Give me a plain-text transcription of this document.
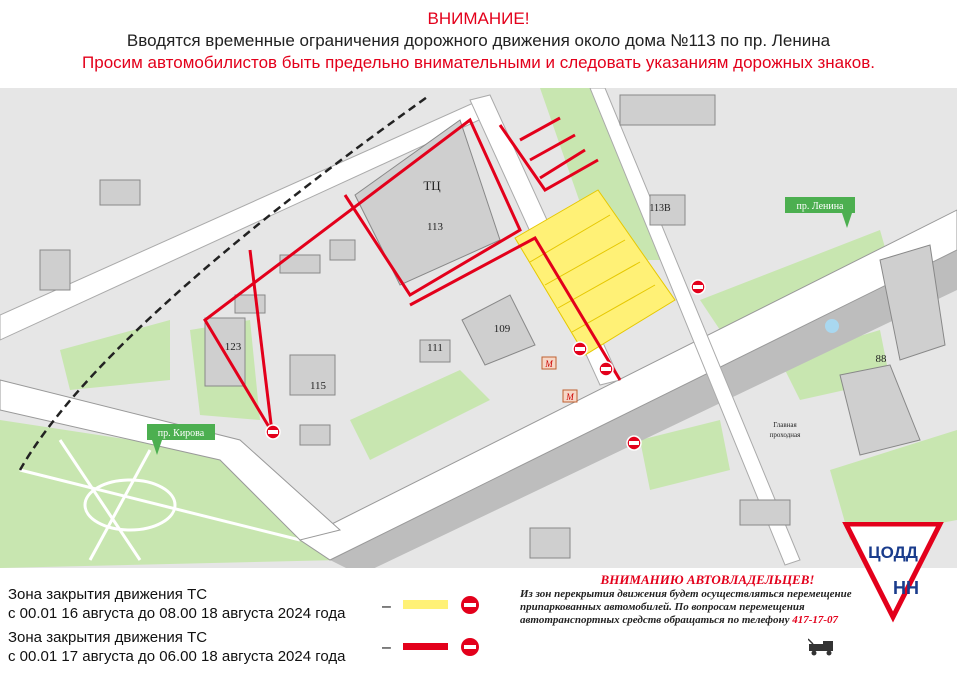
ВНИМАНИЕ!
Вводятся временные ограничения дорожного движения около дома №113 по пр. Ленина
Просим автомобилистов быть предельно внимательными и следовать указаниям дорожных знаков.
М
М
ТЦ
113
109
111
115
123
113В
88
Главная
проходная
пр. Ленина
пр. Кирова
Зона закрытия движения ТС
с 00.01 16 августа до 08.00 18 августа 2024 года
Зона закрытия движения ТС
с 00.01 17 августа до 06.00 18 августа 2024 года
–
–
ВНИМАНИЮ АВТОВЛАДЕЛЬЦЕВ!
Из зон перекрытия движения будет осуществляться перемещение припаркованных автомобилей. По вопросам перемещения автотранспортных средств обращаться по телефону 417-17-07
ЦОДД
НН
